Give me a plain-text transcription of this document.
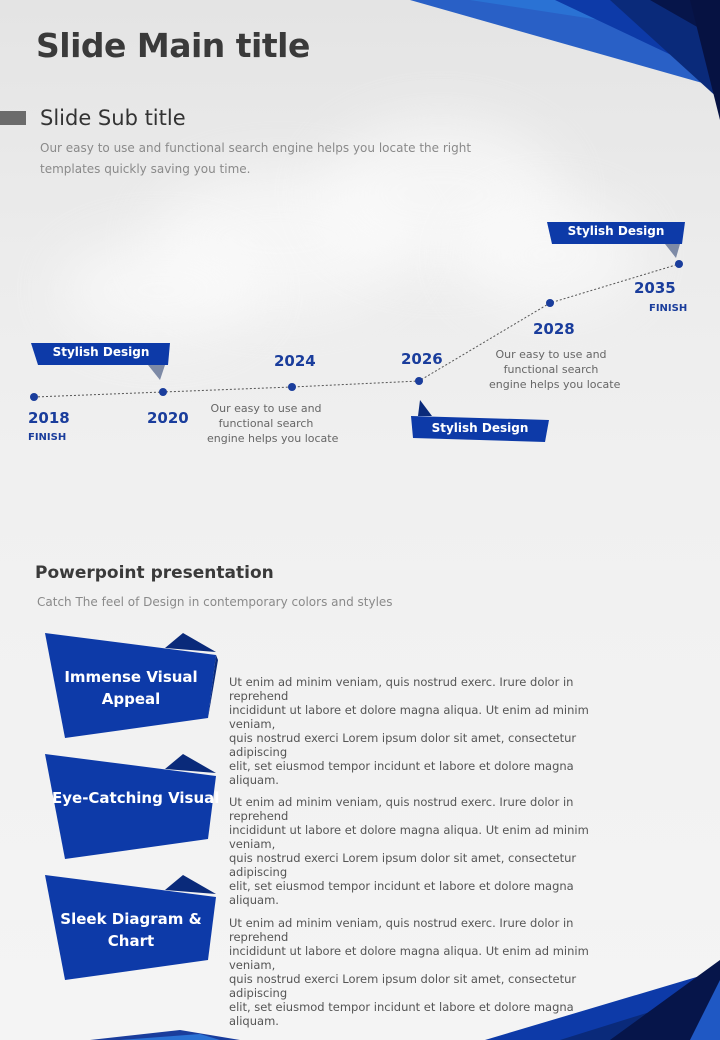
Slide Main title
Slide Sub title
Our easy to use and functional search engine helps you locate the right templates quickly saving you time.
2018
FINISH
2020
2024	2026
2028
2035
FINISH
Our easy to use and
functional search
engine helps you locate
Our easy to use and
functional search
engine helps you locate
Stylish Design
Stylish Design
Stylish Design
Powerpoint presentation
Catch The feel of Design in contemporary colors and styles
Immense Visual
Appeal
Eye-Catching Visual
Sleek Diagram &
Chart
Ut enim ad minim veniam, quis nostrud exerc. Irure dolor in reprehend
incididunt ut labore et dolore magna aliqua. Ut enim ad minim veniam,
quis nostrud exerci Lorem ipsum dolor sit amet, consectetur adipiscing
elit, set eiusmod tempor incidunt et labore et dolore magna aliquam.
Ut enim ad minim veniam, quis nostrud exerc. Irure dolor in reprehend
incididunt ut labore et dolore magna aliqua. Ut enim ad minim veniam,
quis nostrud exerci Lorem ipsum dolor sit amet, consectetur adipiscing
elit, set eiusmod tempor incidunt et labore et dolore magna aliquam.
Ut enim ad minim veniam, quis nostrud exerc. Irure dolor in reprehend
incididunt ut labore et dolore magna aliqua. Ut enim ad minim veniam,
quis nostrud exerci Lorem ipsum dolor sit amet, consectetur adipiscing
elit, set eiusmod tempor incidunt et labore et dolore magna aliquam.
